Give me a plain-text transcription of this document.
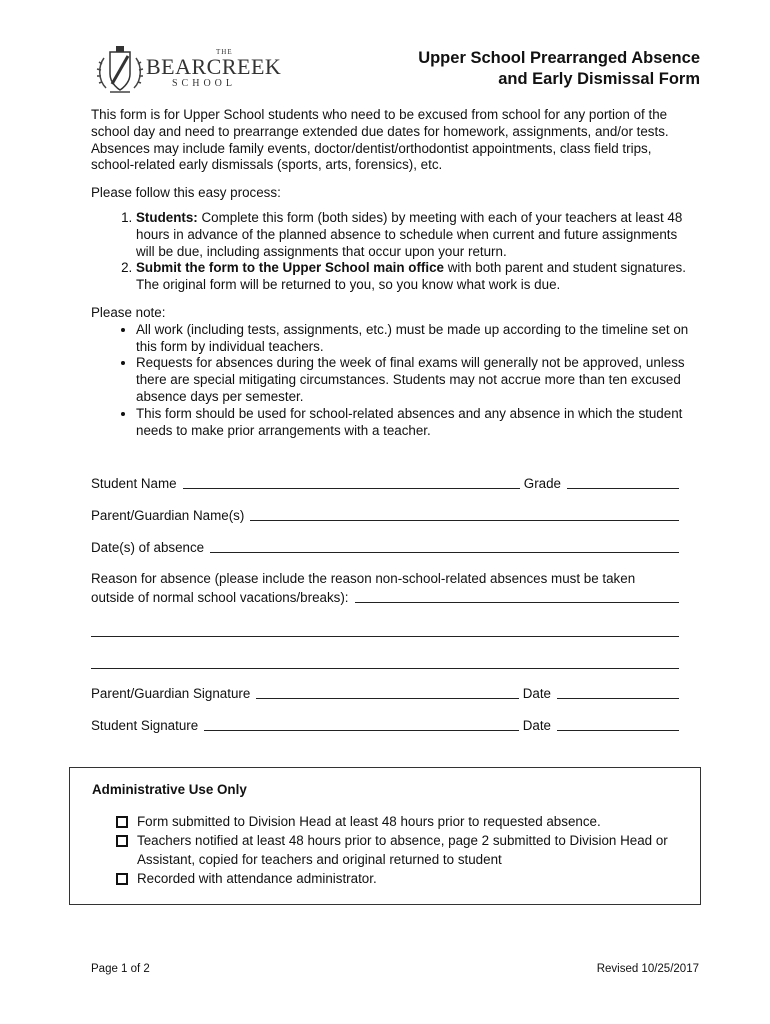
THE
BEARCREEK
SCHOOL
Upper School Prearranged Absence
and Early Dismissal Form

This form is for Upper School students who need to be excused from school for any portion of the school day and need to prearrange extended due dates for homework, assignments, and/or tests. Absences may include family events, doctor/dentist/orthodontist appointments, class field trips, school-related early dismissals (sports, arts, forensics), etc.

Please follow this easy process:

1. Students: Complete this form (both sides) by meeting with each of your teachers at least 48 hours in advance of the planned absence to schedule when current and future assignments will be due, including assignments that occur upon your return.
2. Submit the form to the Upper School main office with both parent and student signatures. The original form will be returned to you, so you know what work is due.

Please note:

• All work (including tests, assignments, etc.) must be made up according to the timeline set on this form by individual teachers.
• Requests for absences during the week of final exams will generally not be approved, unless there are special mitigating circumstances. Students may not accrue more than ten excused absence days per semester.
• This form should be used for school-related absences and any absence in which the student needs to make prior arrangements with a teacher.
Student Name	Grade
Parent/Guardian Name(s)
Date(s) of absence
Reason for absence (please include the reason non-school-related absences must be taken
outside of normal school vacations/breaks):
Parent/Guardian Signature	Date
Student Signature	Date
Administrative Use Only
Form submitted to Division Head at least 48 hours prior to requested absence.
Teachers notified at least 48 hours prior to absence, page 2 submitted to Division Head or Assistant, copied for teachers and original returned to student
Recorded with attendance administrator.
Page 1 of 2	Revised 10/25/2017
